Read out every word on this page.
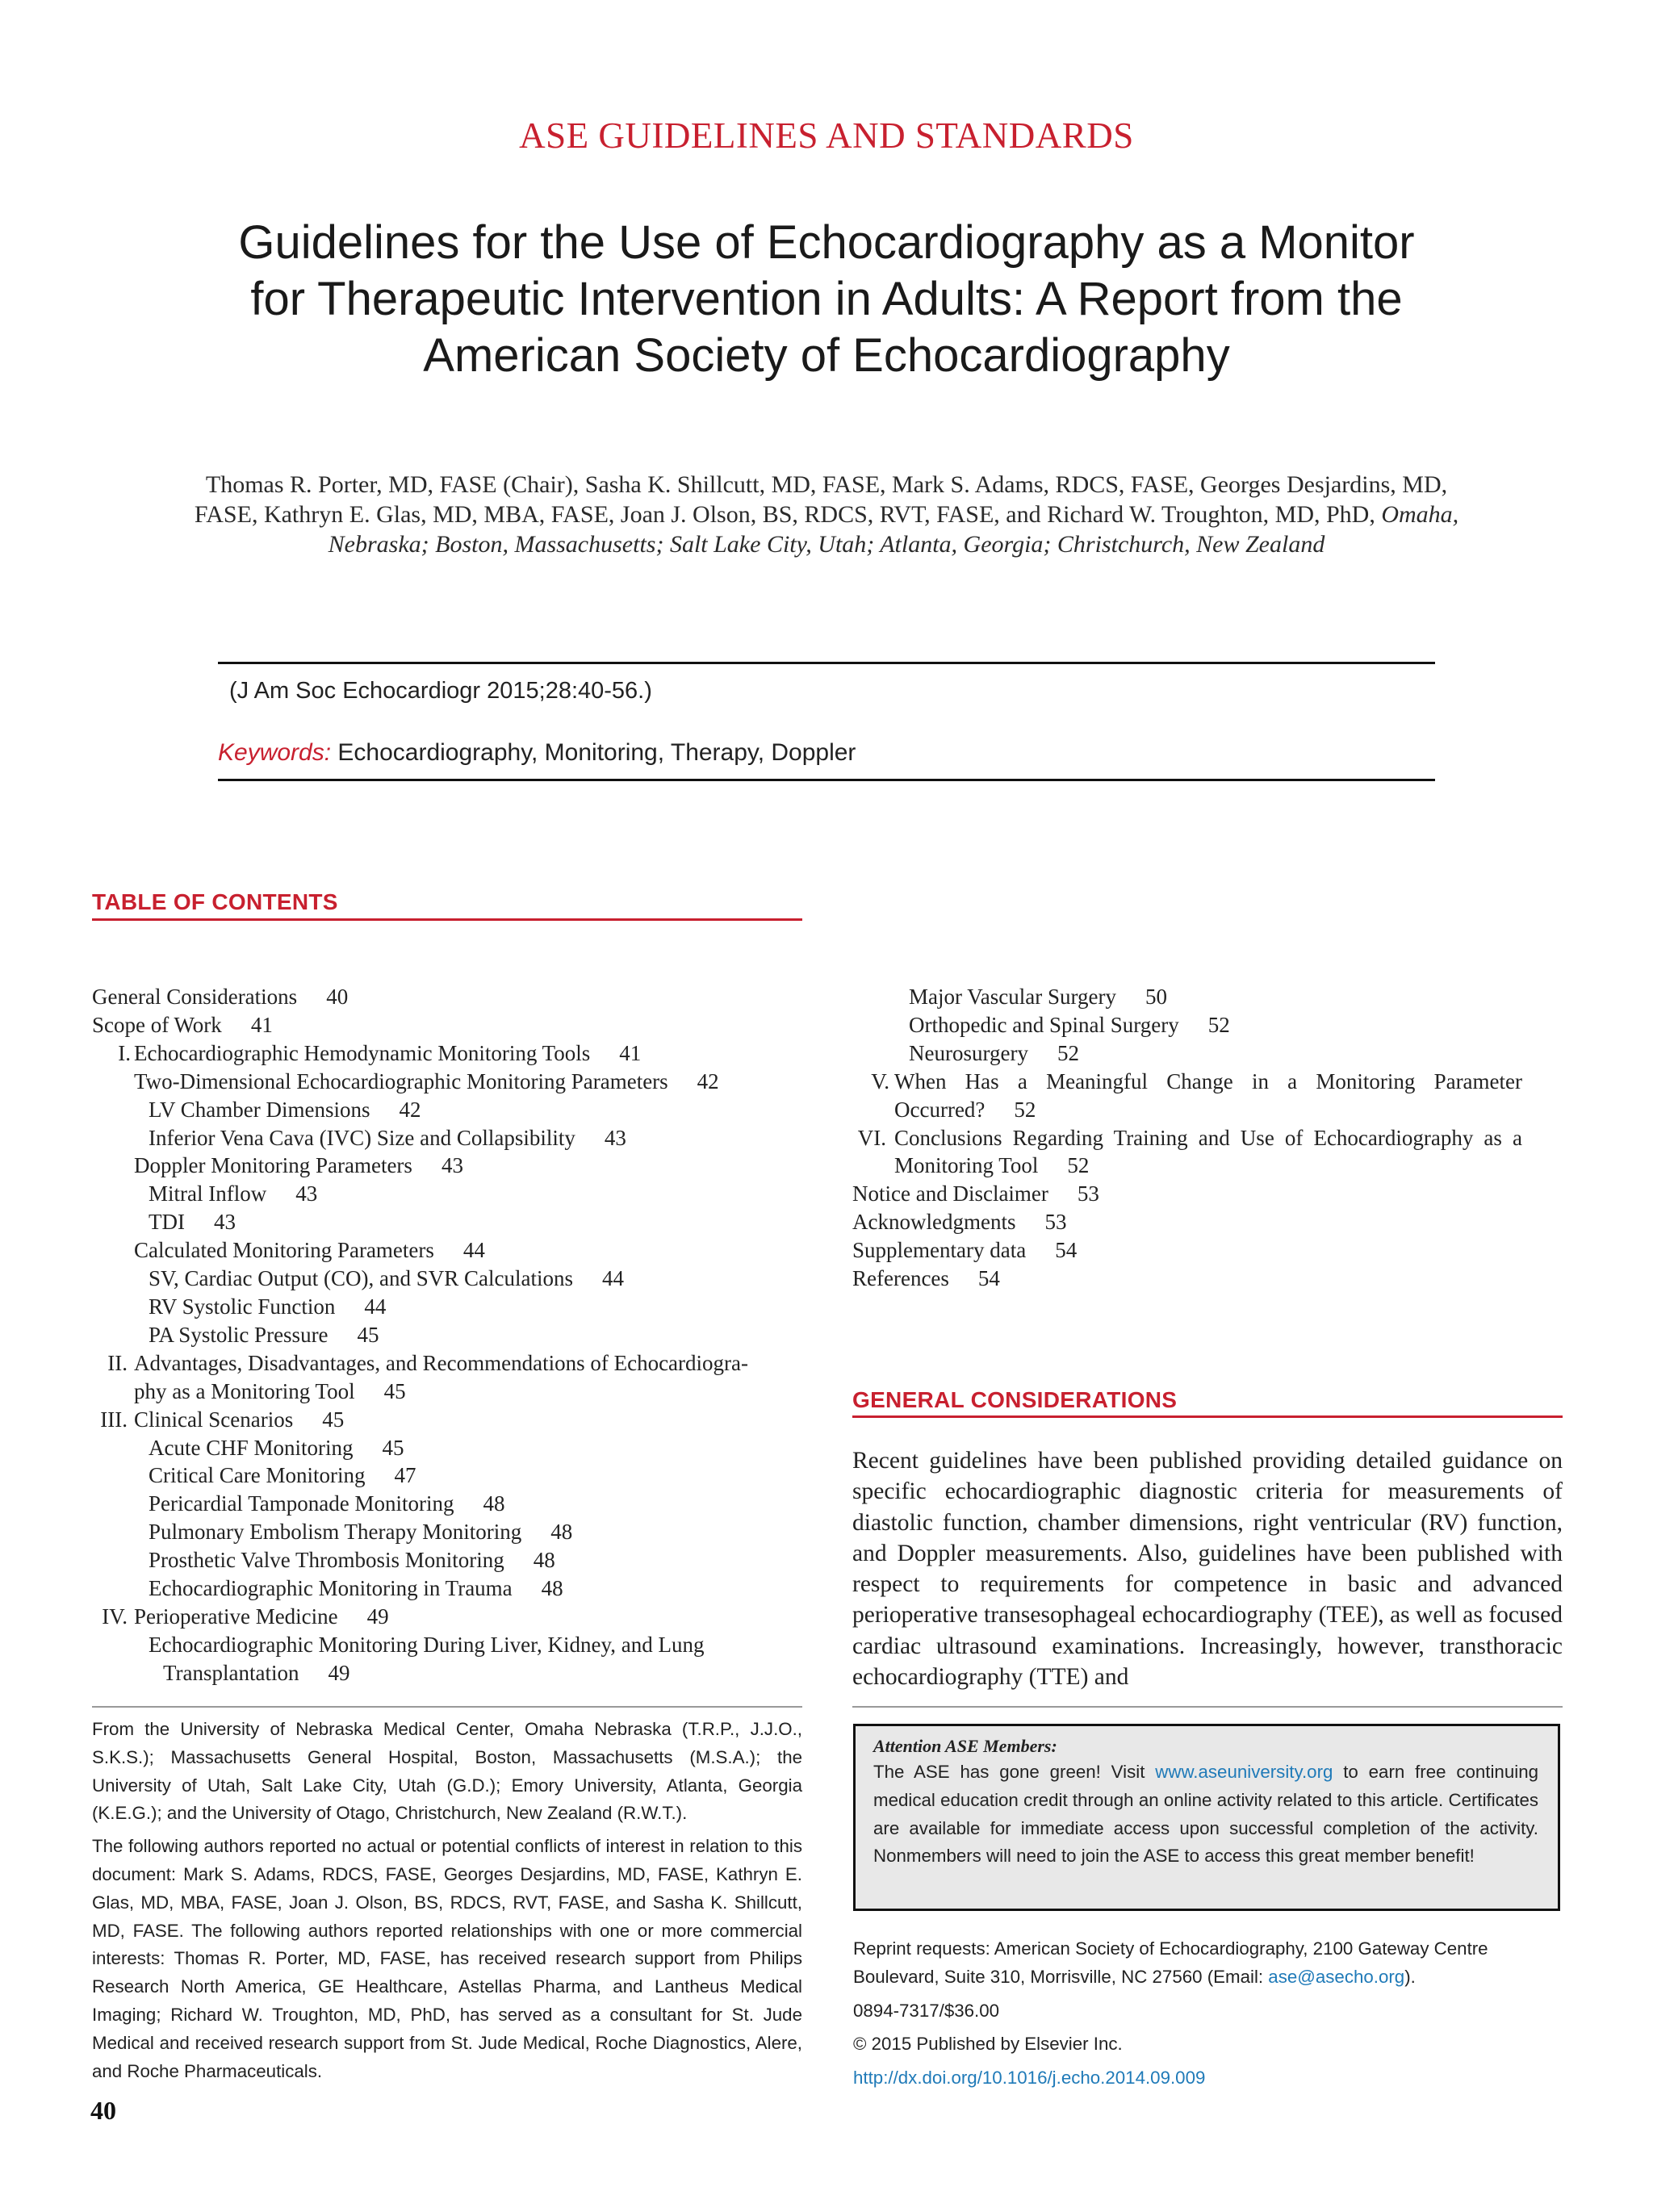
ASE GUIDELINES AND STANDARDS
Guidelines for the Use of Echocardiography as a Monitor for Therapeutic Intervention in Adults: A Report from the American Society of Echocardiography
Thomas R. Porter, MD, FASE (Chair), Sasha K. Shillcutt, MD, FASE, Mark S. Adams, RDCS, FASE, Georges Desjardins, MD, FASE, Kathryn E. Glas, MD, MBA, FASE, Joan J. Olson, BS, RDCS, RVT, FASE, and Richard W. Troughton, MD, PhD, Omaha, Nebraska; Boston, Massachusetts; Salt Lake City, Utah; Atlanta, Georgia; Christchurch, New Zealand
(J Am Soc Echocardiogr 2015;28:40-56.)
Keywords: Echocardiography, Monitoring, Therapy, Doppler
TABLE OF CONTENTS
General Considerations 40
Scope of Work 41
I. Echocardiographic Hemodynamic Monitoring Tools 41
Two-Dimensional Echocardiographic Monitoring Parameters 42
LV Chamber Dimensions 42
Inferior Vena Cava (IVC) Size and Collapsibility 43
Doppler Monitoring Parameters 43
Mitral Inflow 43
TDI 43
Calculated Monitoring Parameters 44
SV, Cardiac Output (CO), and SVR Calculations 44
RV Systolic Function 44
PA Systolic Pressure 45
II. Advantages, Disadvantages, and Recommendations of Echocardiogra-
phy as a Monitoring Tool 45
III. Clinical Scenarios 45
Acute CHF Monitoring 45
Critical Care Monitoring 47
Pericardial Tamponade Monitoring 48
Pulmonary Embolism Therapy Monitoring 48
Prosthetic Valve Thrombosis Monitoring 48
Echocardiographic Monitoring in Trauma 48
IV. Perioperative Medicine 49
Echocardiographic Monitoring During Liver, Kidney, and Lung
Transplantation 49
Major Vascular Surgery 50
Orthopedic and Spinal Surgery 52
Neurosurgery 52
V. When Has a Meaningful Change in a Monitoring Parameter
Occurred? 52
VI. Conclusions Regarding Training and Use of Echocardiography as a
Monitoring Tool 52
Notice and Disclaimer 53
Acknowledgments 53
Supplementary data 54
References 54
GENERAL CONSIDERATIONS
Recent guidelines have been published providing detailed guidance on specific echocardiographic diagnostic criteria for measurements of diastolic function, chamber dimensions, right ventricular (RV) function, and Doppler measurements. Also, guidelines have been published with respect to requirements for competence in basic and advanced perioperative transesophageal echocardiography (TEE), as well as focused cardiac ultrasound examinations. Increasingly, however, transthoracic echocardiography (TTE) and

From the University of Nebraska Medical Center, Omaha Nebraska (T.R.P., J.J.O., S.K.S.); Massachusetts General Hospital, Boston, Massachusetts (M.S.A.); the University of Utah, Salt Lake City, Utah (G.D.); Emory University, Atlanta, Georgia (K.E.G.); and the University of Otago, Christchurch, New Zealand (R.W.T.).

The following authors reported no actual or potential conflicts of interest in relation to this document: Mark S. Adams, RDCS, FASE, Georges Desjardins, MD, FASE, Kathryn E. Glas, MD, MBA, FASE, Joan J. Olson, BS, RDCS, RVT, FASE, and Sasha K. Shillcutt, MD, FASE. The following authors reported relationships with one or more commercial interests: Thomas R. Porter, MD, FASE, has received research support from Philips Research North America, GE Healthcare, Astellas Pharma, and Lantheus Medical Imaging; Richard W. Troughton, MD, PhD, has served as a consultant for St. Jude Medical and received research support from St. Jude Medical, Roche Diagnostics, Alere, and Roche Pharmaceuticals.

Attention ASE Members:
The ASE has gone green! Visit www.aseuniversity.org to earn free continuing medical education credit through an online activity related to this article. Certificates are available for immediate access upon successful completion of the activity. Nonmembers will need to join the ASE to access this great member benefit!

Reprint requests: American Society of Echocardiography, 2100 Gateway Centre Boulevard, Suite 310, Morrisville, NC 27560 (Email: ase@asecho.org).

0894-7317/$36.00

© 2015 Published by Elsevier Inc.

http://dx.doi.org/10.1016/j.echo.2014.09.009

40
